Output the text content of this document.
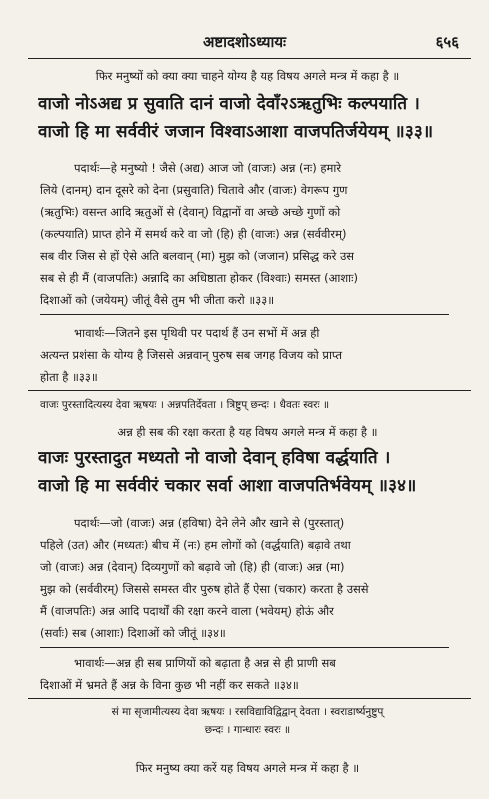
अष्टादशोऽध्यायः	६५६
फिर मनुष्यों को क्या क्या चाहने योग्य है यह विषय अगले मन्त्र में कहा है ॥
वाजो नोऽअद्य प्र सुवाति दानं वाजो देवाँ२ऽऋतुभिः कल्पयाति ।
वाजो हि मा सर्ववीरं जजान विश्वाऽआशा वाजपतिर्जयेयम् ॥३३॥
पदार्थः—हे मनुष्यो ! जैसे (अद्य) आज जो (वाजः) अन्न (नः) हमारे
लिये (दानम्) दान दूसरे को देना (प्रसुवाति) चितावे और (वाजः) वेगरूप गुण
(ऋतुभिः) वसन्त आदि ऋतुओं से (देवान्) विद्वानों वा अच्छे अच्छे गुणों को
(कल्पयाति) प्राप्त होने में समर्थ करे वा जो (हि) ही (वाजः) अन्न (सर्ववीरम्)
सब वीर जिस से हों ऐसे अति बलवान् (मा) मुझ को (जजान) प्रसिद्ध करे उस
सब से ही मैं (वाजपतिः) अन्नादि का अधिष्ठाता होकर (विश्वाः) समस्त (आशाः)
दिशाओं को (जयेयम्) जीतूं वैसे तुम भी जीता करो ॥३३॥
भावार्थः—जितने इस पृथिवी पर पदार्थ हैं उन सभों में अन्न ही
अत्यन्त प्रशंसा के योग्य है जिससे अन्नवान् पुरुष सब जगह विजय को प्राप्त
होता है ॥३३॥
वाजः पुरस्तादित्यस्य देवा ऋषयः । अन्नपतिर्देवता । त्रिष्टुप् छन्दः । धैवतः स्वरः ॥
अन्न ही सब की रक्षा करता है यह विषय अगले मन्त्र में कहा है ॥
वाजः पुरस्तादुत मध्यतो नो वाजो देवान् हविषा वर्द्धयाति ।
वाजो हि मा सर्ववीरं चकार सर्वा आशा वाजपतिर्भवेयम् ॥३४॥
पदार्थः—जो (वाजः) अन्न (हविषा) देने लेने और खाने से (पुरस्तात्)
पहिले (उत) और (मध्यतः) बीच में (नः) हम लोगों को (वर्द्धयाति) बढ़ावे तथा
जो (वाजः) अन्न (देवान्) दिव्यगुणों को बढ़ावे जो (हि) ही (वाजः) अन्न (मा)
मुझ को (सर्ववीरम्) जिससे समस्त वीर पुरुष होते हैं ऐसा (चकार) करता है उससे
मैं (वाजपतिः) अन्न आदि पदार्थों की रक्षा करने वाला (भवेयम्) होऊं और
(सर्वाः) सब (आशाः) दिशाओं को जीतूं ॥३४॥
भावार्थः—अन्न ही सब प्राणियों को बढ़ाता है अन्न से ही प्राणी सब
दिशाओं में भ्रमते हैं अन्न के विना कुछ भी नहीं कर सकते ॥३४॥
सं मा सृजामीत्यस्य देवा ऋषयः । रसविद्याविद्विद्वान् देवता । स्वराडार्ष्यनुष्टुप्
छन्दः । गान्धारः स्वरः ॥
फिर मनुष्य क्या करें यह विषय अगले मन्त्र में कहा है ॥
